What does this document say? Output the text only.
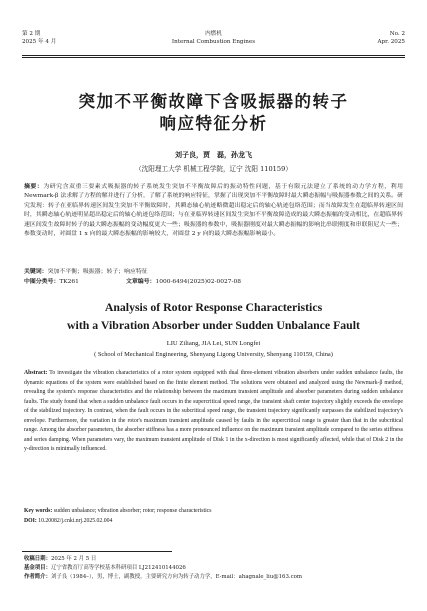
第 2 期	内燃机	No. 2
2025 年 4 月	Internal Combustion Engines	Apr. 2025
突加不平衡故障下含吸振器的转子
响应特征分析
刘子良，贾　磊，孙龙飞
（沈阳理工大学 机械工程学院，辽宁 沈阳 110159）
摘要：为研究含双重三要素式吸振器的转子系统发生突加不平衡故障后的振动特性问题，基于有限元法建立了系统的动力学方程，利用 Newmark-β 法求解了方程的解并进行了分析，了解了系统的响应特征，掌握了出现突加不平衡故障时最大瞬态振幅与吸振器参数之间的关系。研究发现：转子在亚临界转速区间发生突加不平衡故障时，其瞬态轴心轨迹略微超出稳定后的轴心轨迹包络范围；而当故障发生在超临界转速区间时，其瞬态轴心轨迹明显超出稳定后的轴心轨迹包络范围；与在亚临界转速区间发生突加不平衡故障造成的最大瞬态振幅的变动相比，在超临界转速区间发生故障时转子的最大瞬态振幅的变动幅度更大一些；吸振器的参数中，吸振器刚度对最大瞬态振幅的影响比串联刚度和串联阻尼大一些；参数变动时，对圆盘 1 x 向的最大瞬态振幅的影响较大，对圆盘 2 y 向的最大瞬态振幅影响最小。
关键词：突加不平衡；吸振器；转子；响应特征
中图分类号：TK261	文章编号：1000-6494(2025)02-0027-08
Analysis of Rotor Response Characteristics
with a Vibration Absorber under Sudden Unbalance Fault
LIU Ziliang, JIA Lei, SUN Longfei
( School of Mechanical Engineering, Shenyang Ligong University, Shenyang 110159, China)
Abstract: To investigate the vibration characteristics of a rotor system equipped with dual three-element vibration absorbers under sudden unbalance faults, the dynamic equations of the system were established based on the finite element method. The solutions were obtained and analyzed using the Newmark-β method, revealing the system's response characteristics and the relationship between the maximum transient amplitude and absorber parameters during sudden unbalance faults. The study found that when a sudden unbalance fault occurs in the supercritical speed range, the transient shaft center trajectory slightly exceeds the envelope of the stabilized trajectory. In contrast, when the fault occurs in the subcritical speed range, the transient trajectory significantly surpasses the stabilized trajectory's envelope. Furthermore, the variation in the rotor's maximum transient amplitude caused by faults in the supercritical range is greater than that in the subcritical range. Among the absorber parameters, the absorber stiffness has a more pronounced influence on the maximum transient amplitude compared to the series stiffness and series damping. When parameters vary, the maximum transient amplitude of Disk 1 in the x-direction is most significantly affected, while that of Disk 2 in the y-direction is minimally influenced.
Key words: sudden unbalance; vibration absorber; rotor; response characteristics
DOI: 10.20082/j.cnki.nrj.2025.02.004
收稿日期：2025 年 2 月 5 日
基金项目：辽宁省教育厅高等学校基本科研项目 LJ212410144026
作者简介：刘子良（1984–），男，博士，副教授，主要研究方向为转子动力学，E-mail：ahagnale_liu@163.com
